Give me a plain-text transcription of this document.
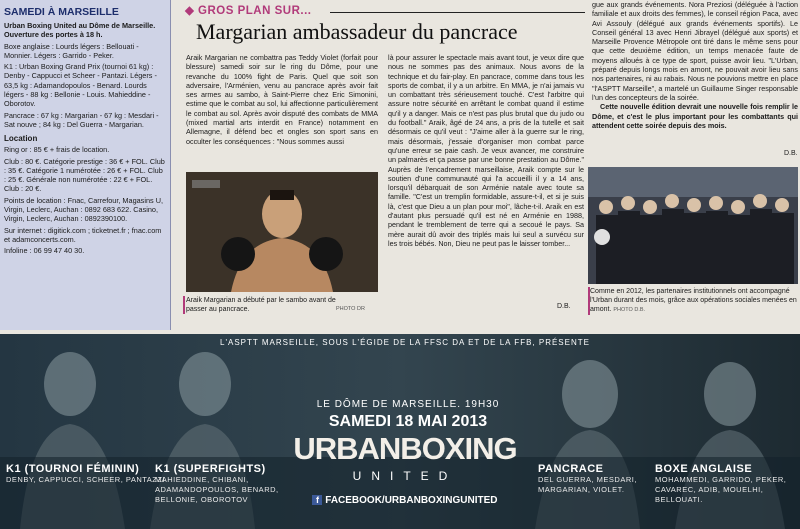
SAMEDI À MARSEILLE
Urban Boxing United au Dôme de Marseille. Ouverture des portes à 18 h.
Boxe anglaise : Lourds légers : Bellouati - Monnier. Légers : Garrido - Peker.
K1 : Urban Boxing Grand Prix (tournoi 61 kg) : Denby - Cappucci et Scheer - Pantazi. Légers - 63,5 kg : Adamandopoulos - Benard. Lourds légers - 88 kg : Bellonie - Louis. Mahieddine - Oborotov.
Pancrace : 67 kg : Margarian - 67 kg : Mesdari - Sat nouve ; 84 kg : Del Guerra - Margarian.
Location
Ring or : 85 € + frais de location.
Club : 80 €. Catégorie prestige : 36 € + FOL. Club : 35 €. Catégorie 1 numérotée : 26 € + FOL. Club : 25 €. Générale non numérotée : 22 € + FOL. Club : 20 €.
Points de location : Fnac, Carrefour, Magasins U, Virgin, Leclerc, Auchan : 0892 683 622. Casino, Virgin, Leclerc, Auchan : 0892390100.
Sur internet : digitick.com ; ticketnet.fr ; fnac.com et adamconcerts.com.
Infoline : 06 99 47 40 30.
◆ GROS PLAN SUR...
Margarian ambassadeur du pancrace
Araik Margarian ne combattra pas Teddy Violet (forfait pour blessure) samedi soir sur le ring du Dôme, pour une revanche du 100% fight de Paris. Quel que soit son adversaire, l'Arménien, venu au pancrace après avoir fait ses armes au sambo, à Saint-Pierre chez Eric Simonini, estime que le combat au sol, lui affectionne particulièrement le combat au sol. Après avoir disputé des combats de MMA (mixed martial arts interdit en France) notamment en Allemagne, il défend bec et ongles son sport sans en occulter les conséquences : "Nous sommes aussi
Araik Margarian a débuté par le sambo avant de passer au pancrace.	PHOTO DR
là pour assurer le spectacle mais avant tout, je veux dire que nous ne sommes pas des animaux. Nous avons de la technique et du fair-play. En pancrace, comme dans tous les sports de combat, il y a un arbitre. En MMA, je n'ai jamais vu un combattant très sérieusement touché. C'est l'arbitre qui assure notre sécurité en arrêtant le combat quand il estime qu'il y a danger. Mais ce n'est pas plus brutal que du judo ou du football." Araik, âgé de 24 ans, a pris de la tutelle et sait désormais ce qu'il veut : "J'aime aller à la guerre sur le ring, mais désormais, j'essaie d'organiser mon combat parce qu'une erreur se paie cash. Je veux avancer, me construire un palmarès et ça passe par une bonne prestation au Dôme." Auprès de l'encadrement marseillaise, Araik compte sur le soutien d'une communauté qui l'a accueilli il y a 14 ans, lorsqu'il débarquait de son Arménie natale avec toute sa famille. "C'est un tremplin formidable, assure-t-il, et si je suis là, c'est que Dieu a un plan pour moi", lâche-t-il. Araik en est d'autant plus persuadé qu'il est né en Arménie en 1988, pendant le tremblement de terre qui a secoué le pays. Sa mère aurait dû avoir des triplés mais lui seul a survécu sur les trois bébés. Non, Dieu ne peut pas le laisser tomber...
D.B.
gue aux grands événements. Nora Preziosi (déléguée à l'action familiale et aux droits des femmes), le conseil région Paca, avec Avi Assouly (délégué aux grands événements sportifs). Le Conseil général 13 avec Henri Jibrayel (délégué aux sports) et Marseille Provence Métropole ont tiré dans le même sens pour que cette deuxième édition, un temps menacée faute de moyens alloués à ce type de sport, puisse avoir lieu. "L'Urban, préparé depuis longs mois en amont, ne pouvait avoir lieu sans nos partenaires, ni au rabais. Nous ne pouvions mettre en place "l'ASPTT Marseille", a martelé un Guillaume Singer responsable l'un des concepteurs de la soirée.
Cette nouvelle édition devrait une nouvelle fois remplir le Dôme, et c'est le plus important pour les combattants qui attendent cette soirée depuis des mois.
D.B.
Comme en 2012, les partenaires institutionnels ont accompagné l'Urban durant des mois, grâce aux opérations sociales menées en amont. PHOTO D.B.
L'ASPTT MARSEILLE, SOUS L'ÉGIDE DE LA FFSC DA ET DE LA FFB, PRÉSENTE
LE DÔME DE MARSEILLE. 19H30
SAMEDI 18 MAI 2013
URBANBOXING
UNITED
f FACEBOOK/URBANBOXINGUNITED
K1 (TOURNOI FÉMININ)
DENBY, CAPPUCCI, SCHEER, PANTAZZI
K1 (SUPERFIGHTS)
MAHIEDDINE, CHIBANI, ADAMANDOPOULOS, BENARD, BELLONIE, OBOROTOV
PANCRACE
DEL GUERRA, MESDARI, MARGARIAN, VIOLET.
BOXE ANGLAISE
MOHAMMEDI, GARRIDO, PEKER, CAVAREC, ADIB, MOUELHI, BELLOUATI.
